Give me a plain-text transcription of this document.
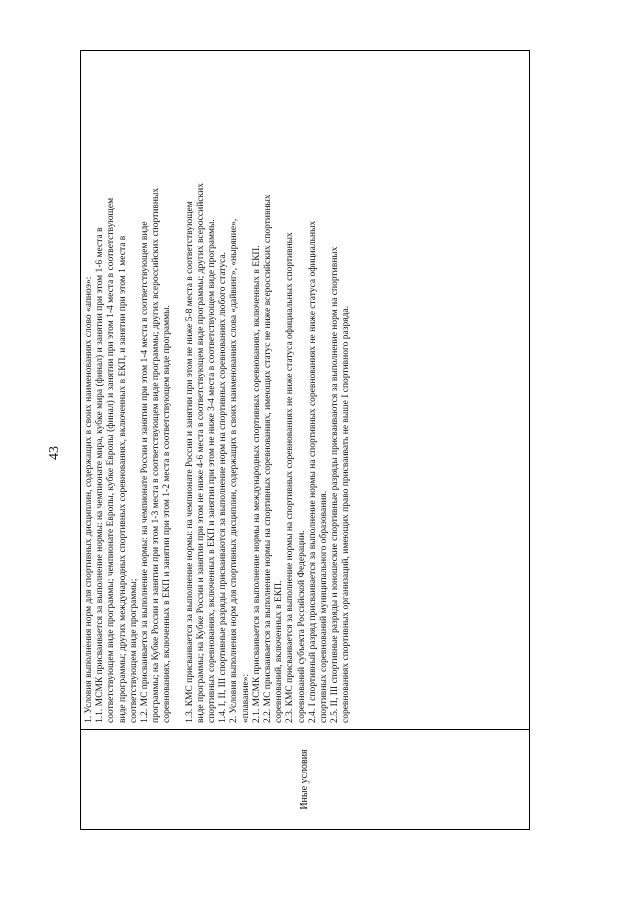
43
Иные условия
1. Условия выполнения норм для спортивных дисциплин, содержащих в своих наименованиях слово «апноэ»: 1.1. МСМК присваивается за выполнение нормы: на чемпионате мира, кубке мира (финал) и занятии при этом 1-6 места в соответствующем виде программы; чемпионате Европы, кубке Европы (финал) и занятии при этом 1-4 места в соответствующем виде программы; других международных спортивных соревнованиях, включенных в ЕКП, и занятии при этом 1 места в соответствующем виде программы; 1.2. МС присваивается за выполнение нормы: на чемпионате России и занятии при этом 1-4 места в соответствующем виде программы; на Кубке России и занятии при этом 1-3 места в соответствующем виде программы; других всероссийских спортивных соревнованиях, включенных в ЕКП и занятии при этом 1-2 места в соответствующем виде программы. 1.3. КМС присваивается за выполнение нормы: на чемпионате России и занятии при этом не ниже 5-8 места в соответствующем виде программы; на Кубке России и занятии при этом не ниже 4-6 места в соответствующем виде программы; других всероссийских спортивных соревнованиях, включенных в ЕКП и занятии при этом не ниже 3-4 места в соответствующем виде программы. 1.4. I, II, III спортивные разряды присваиваются за выполнение норм на спортивных соревнованиях любого статуса. 2. Условия выполнения норм для спортивных дисциплин, содержащих в своих наименованиях слова «дайвинг», «ныряние», «плавание»: 2.1. МСМК присваивается за выполнение нормы на международных спортивных соревнованиях, включенных в ЕКП. 2.2. МС присваивается за выполнение нормы на спортивных соревнованиях, имеющих статус не ниже всероссийских спортивных соревнований, включенных в ЕКП. 2.3. КМС присваивается за выполнение нормы на спортивных соревнованиях не ниже статуса официальных спортивных соревнований субъекта Российской Федерации. 2.4. I спортивный разряд присваивается за выполнение нормы на спортивных соревнованиях не ниже статуса официальных спортивных соревнований муниципального образования. 2.5. II, III спортивные разряды и юношеские спортивные разряды присваиваются за выполнение норм на спортивных соревнованиях спортивных организаций, имеющих право присваивать не выше I спортивного разряда.
